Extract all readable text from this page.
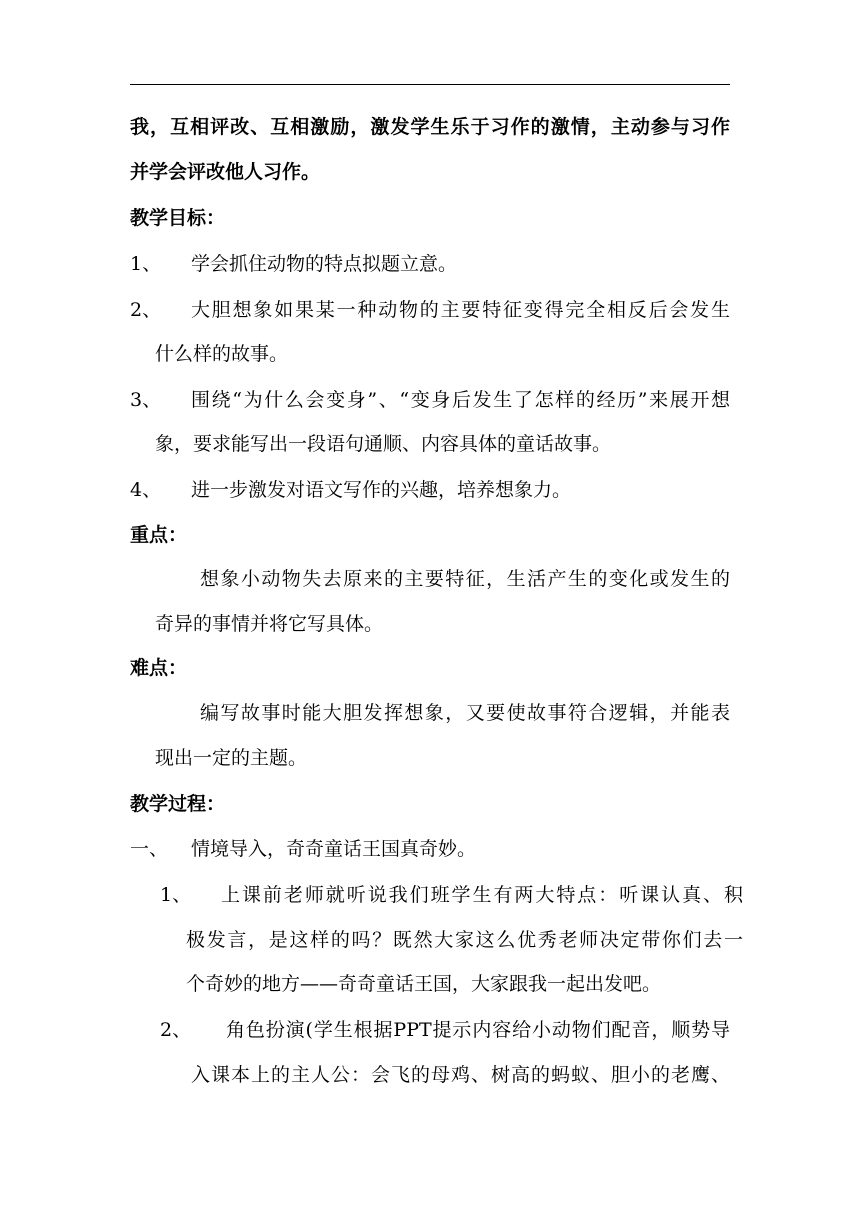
我，互相评改、互相激励，激发学生乐于习作的激情，主动参与习作
并学会评改他人习作。
教学目标：
1、 学会抓住动物的特点拟题立意。
2、 大胆想象如果某一种动物的主要特征变得完全相反后会发生
什么样的故事。
3、 围绕“为什么会变身”、“变身后发生了怎样的经历”来展开想
象，要求能写出一段语句通顺、内容具体的童话故事。
4、 进一步激发对语文写作的兴趣，培养想象力。
重点：
想象小动物失去原来的主要特征，生活产生的变化或发生的
奇异的事情并将它写具体。
难点：
编写故事时能大胆发挥想象，又要使故事符合逻辑，并能表
现出一定的主题。
教学过程：
一、 情境导入，奇奇童话王国真奇妙。
1、 上课前老师就听说我们班学生有两大特点：听课认真、积
极发言，是这样的吗？既然大家这么优秀老师决定带你们去一
个奇妙的地方——奇奇童话王国，大家跟我一起出发吧。
2、 角色扮演(学生根据PPT提示内容给小动物们配音，顺势导
入课本上的主人公：会飞的母鸡、树高的蚂蚁、胆小的老鹰、
